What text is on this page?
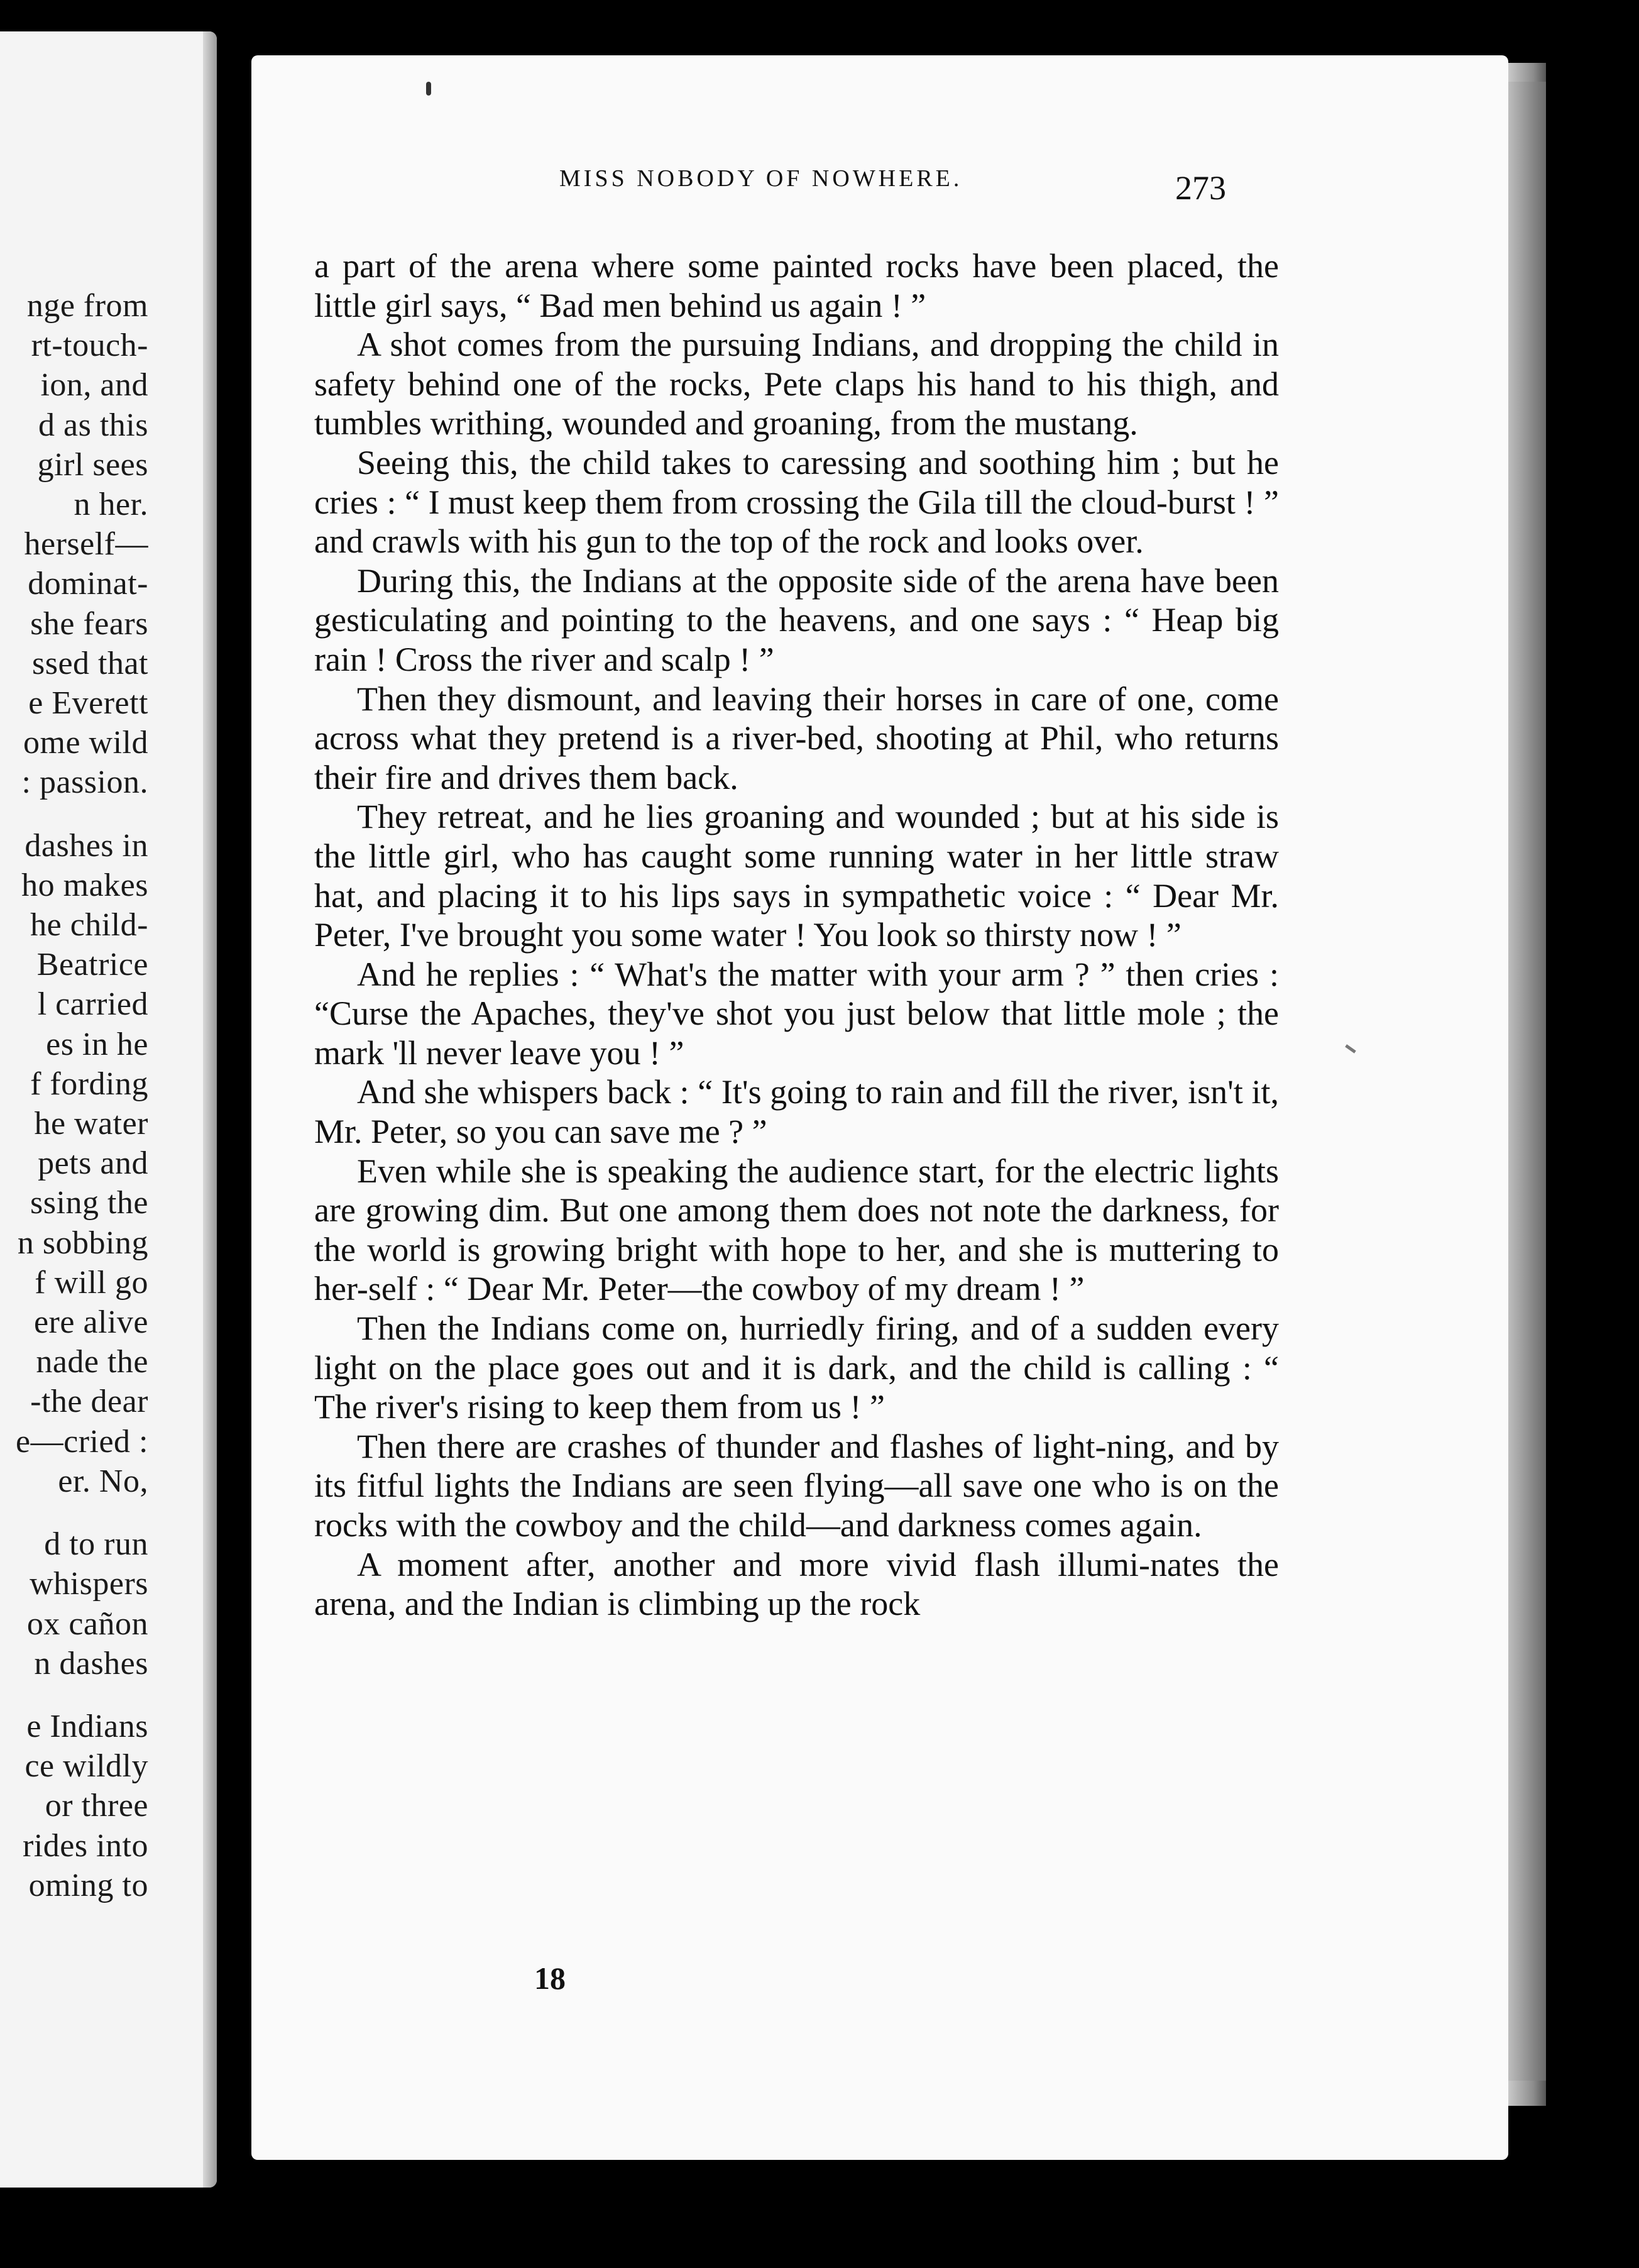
nge from
rt-touch-
ion, and
d as this
girl sees
n her.
herself—
dominat-
she fears
ssed that
e Everett
ome wild
: passion.
dashes in
ho makes
he child-
Beatrice
l carried
es in he
f fording
he water
pets and
ssing the
n sobbing
f will go
ere alive
nade the
-the dear
e—cried :
er. No,
d to run
whispers
ox cañon
n dashes
e Indians
ce wildly
or three
rides into
oming to
MISS NOBODY OF NOWHERE.	273

a part of the arena where some painted rocks have been placed, the little girl says, “ Bad men behind us again ! ”

A shot comes from the pursuing Indians, and dropping the child in safety behind one of the rocks, Pete claps his hand to his thigh, and tumbles writhing, wounded and groaning, from the mustang.

Seeing this, the child takes to caressing and soothing him ; but he cries : “ I must keep them from crossing the Gila till the cloud-burst ! ” and crawls with his gun to the top of the rock and looks over.

During this, the Indians at the opposite side of the arena have been gesticulating and pointing to the heavens, and one says : “ Heap big rain ! Cross the river and scalp ! ”

Then they dismount, and leaving their horses in care of one, come across what they pretend is a river-bed, shooting at Phil, who returns their fire and drives them back.

They retreat, and he lies groaning and wounded ; but at his side is the little girl, who has caught some running water in her little straw hat, and placing it to his lips says in sympathetic voice : “ Dear Mr. Peter, I've brought you some water ! You look so thirsty now ! ”

And he replies : “ What's the matter with your arm ? ” then cries : “Curse the Apaches, they've shot you just below that little mole ; the mark 'll never leave you ! ”

And she whispers back : “ It's going to rain and fill the river, isn't it, Mr. Peter, so you can save me ? ”

Even while she is speaking the audience start, for the electric lights are growing dim. But one among them does not note the darkness, for the world is growing bright with hope to her, and she is muttering to her-self : “ Dear Mr. Peter—the cowboy of my dream ! ”

Then the Indians come on, hurriedly firing, and of a sudden every light on the place goes out and it is dark, and the child is calling : “ The river's rising to keep them from us ! ”

Then there are crashes of thunder and flashes of light-ning, and by its fitful lights the Indians are seen flying—all save one who is on the rocks with the cowboy and the child—and darkness comes again.

A moment after, another and more vivid flash illumi-nates the arena, and the Indian is climbing up the rock

18
